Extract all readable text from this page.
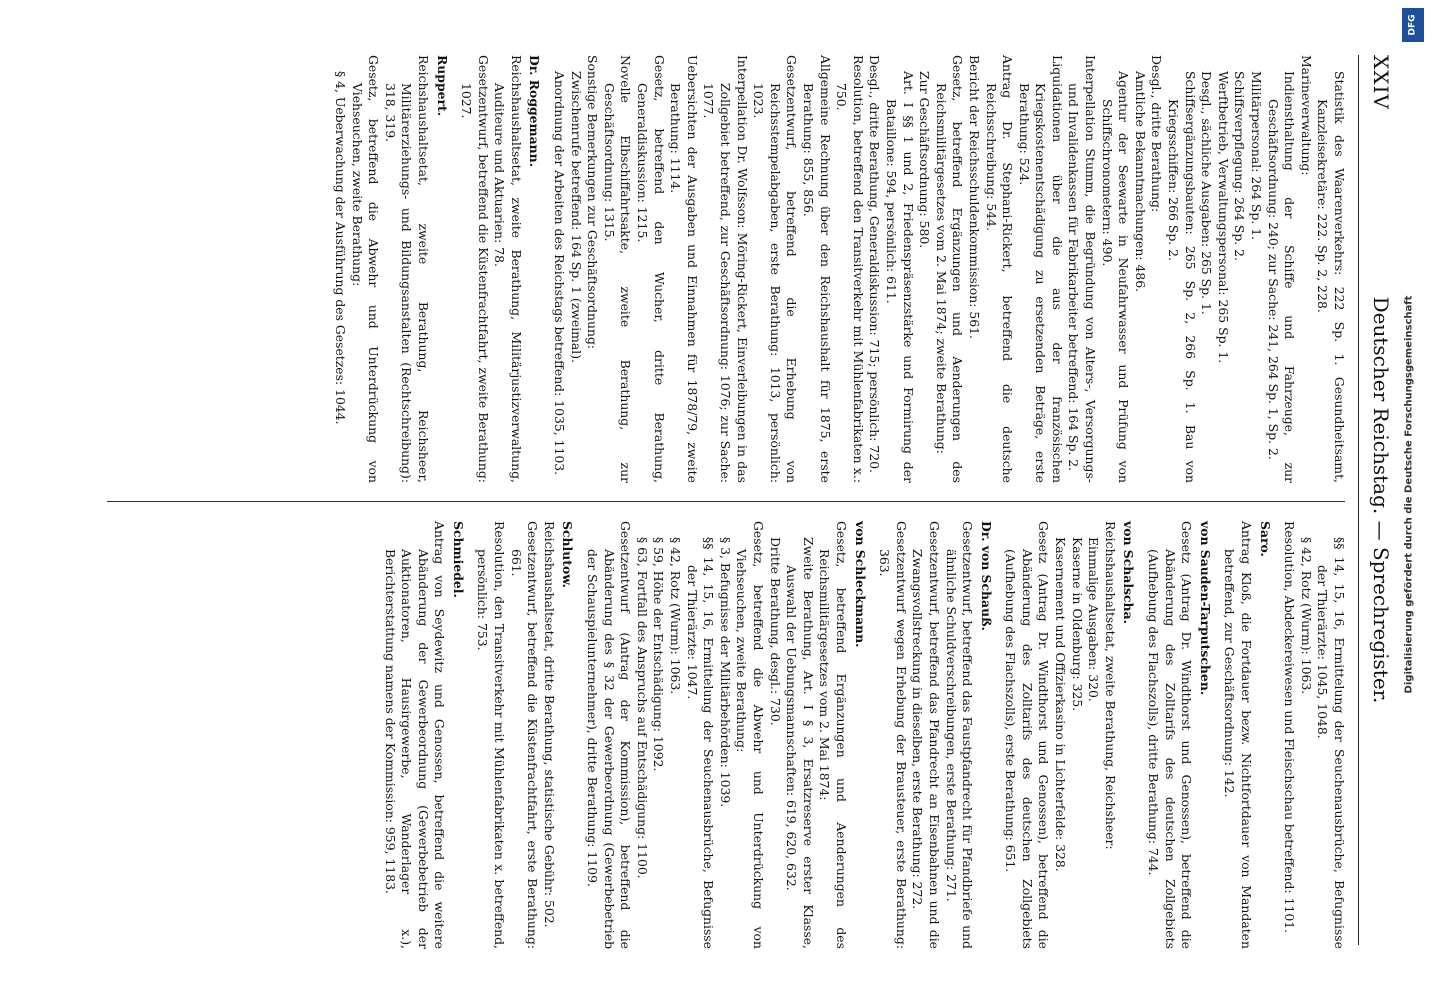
XXIV
Deutscher Reichstag. — Sprechregister.

Statistik des Waarenverkehrs: 222 Sp. 1. Gesundheitsamt, Kanzleisekretäre: 222. Sp. 2, 228.

Marineverwaltung:

Indiensthaltung der Schiffe und Fahrzeuge, zur Geschäftsordnung: 240; zur Sache: 241, 264 Sp. 1, Sp. 2.

Militärpersonal: 264 Sp. 1.

Schiffsverpflegung: 264 Sp. 2.

Werftbetrieb, Verwaltungspersonal: 265 Sp. 1.

Desgl., sächliche Ausgaben: 265 Sp. 1.

Schiffsergänzungsbauten: 265 Sp. 2, 266 Sp. 1. Bau von Kriegsschiffen: 266 Sp. 2.

Desgl., dritte Berathung:

Amtliche Bekanntmachungen: 486.

Agentur der Seewarte in Neufahrwasser und Prüfung von Schiffschronometern: 490.

Interpellation Stumm, die Begründung von Alters-, Versorgungs- und Invalidenkassen für Fabrikarbeiter betreffend: 164 Sp. 2.

Liquidationen über die aus der französischen Kriegskostenentschädigung zu ersetzenden Beträge, erste Berathung: 524.

Antrag Dr. Stephani-Rickert, betreffend die deutsche Reichsschreibung: 544.

Bericht der Reichsschuldenkommission: 561.

Gesetz, betreffend Ergänzungen und Aenderungen des Reichsmilitärgesetzes vom 2. Mai 1874; zweite Berathung:

Zur Geschäftsordnung: 580.

Art. I §§ 1 und 2, Friedenspräsenzstärke und Formirung der Bataillone: 594, persönlich: 611.

Desgl., dritte Berathung, Generaldiskussion: 715; persönlich: 720.

Resolution, betreffend den Transitverkehr mit Mühlenfabrikaten x.: 750.

Allgemeine Rechnung über den Reichshaushalt für 1875, erste Berathung: 855, 856.

Gesetzentwurf, betreffend die Erhebung von Reichsstempelabgaben, erste Berathung: 1013, persönlich: 1023.

Interpellation Dr. Wolfsson: Möring-Rickert, Einverleibungen in das Zollgebiet betreffend, zur Geschäftsordnung: 1076; zur Sache: 1077.

Uebersichten der Ausgaben und Einnahmen für 1878/79, zweite Berathung: 1114.

Gesetz, betreffend den Wucher, dritte Berathung, Generaldiskussion: 1215.

Novelle Elbschiffahrtsakte, zweite Berathung, zur Geschäftsordnung: 1315.

Sonstige Bemerkungen zur Geschäftsordnung:

Zwischenrufe betreffend: 164 Sp. 1 (zweimal).

Anordnung der Arbeiten des Reichstags betreffend: 1035, 1103.

Dr. Roggemann.

Reichshaushaltsetat, zweite Berathung, Militärjustizverwaltung, Auditeure und Aktuarien: 78.

Gesetzentwurf, betreffend die Küstenfrachtfahrt, zweite Berathung: 1027.

Ruppert.

Reichshaushaltsetat, zweite Berathung, Reichsheer, Militärerziehungs- und Bildungsanstalten (Rechtschreibung): 318, 319.

Gesetz, betreffend die Abwehr und Unterdrückung von Viehseuchen, zweite Berathung:

§ 4, Ueberwachung der Ausführung des Gesetzes: 1044.

§§ 14, 15, 16, Ermittelung der Seuchenausbrüche, Befugnisse der Thierärzte: 1045, 1048.

§ 42, Rotz (Wurm): 1063.

Resolution, Abdeckereiwesen und Fleischschau betreffend: 1101.

Saro.

Antrag Kloß, die Fortdauer bezw. Nichtfortdauer von Mandaten betreffend, zur Geschäftsordnung: 142.

von Sauden-Tarputschen.

Gesetz (Antrag Dr. Windthorst und Genossen), betreffend die Abänderung des Zolltarifs des deutschen Zollgebiets (Aufhebung des Flachszolls), dritte Berathung: 744.

von Schalscha.

Reichshaushaltsetat, zweite Berathung, Reichsheer:

Einmalige Ausgaben: 320.

Kaserne in Oldenburg: 325.

Kasernement und Offizierkasino in Lichterfelde: 328.

Gesetz (Antrag Dr. Windthorst und Genossen), betreffend die Abänderung des Zolltarifs des deutschen Zollgebiets (Aufhebung des Flachszolls), erste Berathung: 651.

Dr. von Schauß.

Gesetzentwurf, betreffend das Faustpfandrecht für Pfandbriefe und ähnliche Schuldverschreibungen, erste Berathung: 271.

Gesetzentwurf, betreffend das Pfandrecht an Eisenbahnen und die Zwangsvollstreckung in dieselben, erste Berathung: 272.

Gesetzentwurf wegen Erhebung der Brausteuer, erste Berathung: 363.

von Schleckmann.

Gesetz, betreffend Ergänzungen und Aenderungen des Reichsmilitärgesetzes vom 2. Mai 1874:

Zweite Berathung, Art. I § 3, Ersatzreserve erster Klasse, Auswahl der Uebungsmannschaften: 619, 620, 632.

Dritte Berathung, desgl.: 730.

Gesetz, betreffend die Abwehr und Unterdrückung von Viehseuchen, zweite Berathung:

§ 3, Befugnisse der Militärbehörden: 1039.

§§ 14, 15, 16, Ermittelung der Seuchenausbrüche, Befugnisse der Thierärzte: 1047.

§ 42, Rotz (Wurm): 1063.

§ 59, Höhe der Entschädigung: 1092.

§ 63, Fortfall des Anspruchs auf Entschädigung: 1100.

Gesetzentwurf (Antrag der Kommission), betreffend die Abänderung des § 32 der Gewerbeordnung (Gewerbebetrieb der Schauspielunternehmer), dritte Berathung: 1109.

Schlutow.

Reichshaushaltsetat, dritte Berathung, statistische Gebühr: 502.

Gesetzentwurf, betreffend die Küstenfrachtfahrt, erste Berathung: 661.

Resolution, den Transitverkehr mit Mühlenfabrikaten x. betreffend, persönlich: 753.

Schmiedel.

Antrag von Seydewitz und Genossen, betreffend die weitere Abänderung der Gewerbeordnung (Gewerbebetrieb der Auktionatoren, Hausirgewerbe, Wanderlager x.), Berichterstattung namens der Kommission: 959, 1183.

Digitalisierung gefördert durch die Deutsche Forschungsgemeinschaft
DFG
